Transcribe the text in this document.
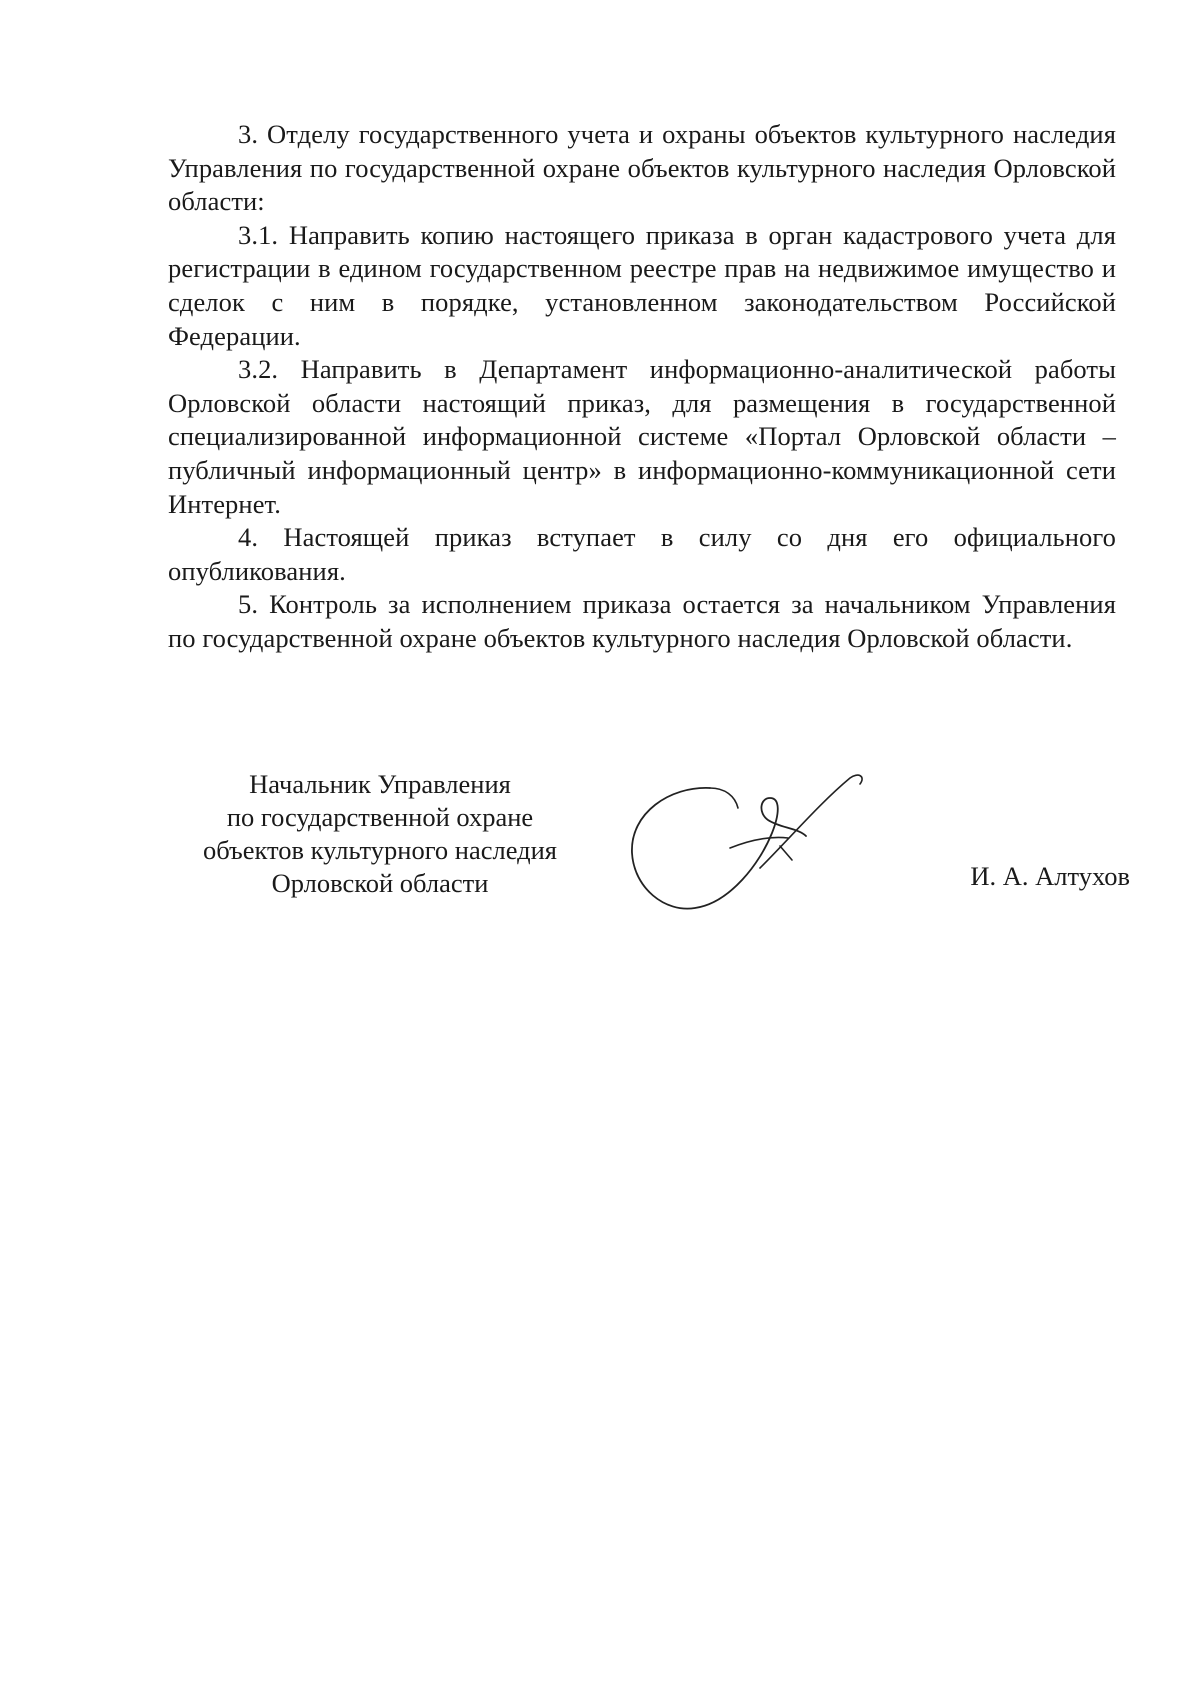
3. Отделу государственного учета и охраны объектов культурного наследия Управления по государственной охране объектов культурного наследия Орловской области:

3.1. Направить копию настоящего приказа в орган кадастрового учета для регистрации в едином государственном реестре прав на недвижимое имущество и сделок с ним в порядке, установленном законодательством Российской Федерации.

3.2. Направить в Департамент информационно-аналитической работы Орловской области настоящий приказ, для размещения в государственной специализированной информационной системе «Портал Орловской области – публичный информационный центр» в информационно-коммуникационной сети Интернет.

4. Настоящей приказ вступает в силу со дня его официального опубликования.

5. Контроль за исполнением приказа остается за начальником Управления по государственной охране объектов культурного наследия Орловской области.

Начальник Управления
по государственной охране
объектов культурного наследия
Орловской области	И. А. Алтухов
